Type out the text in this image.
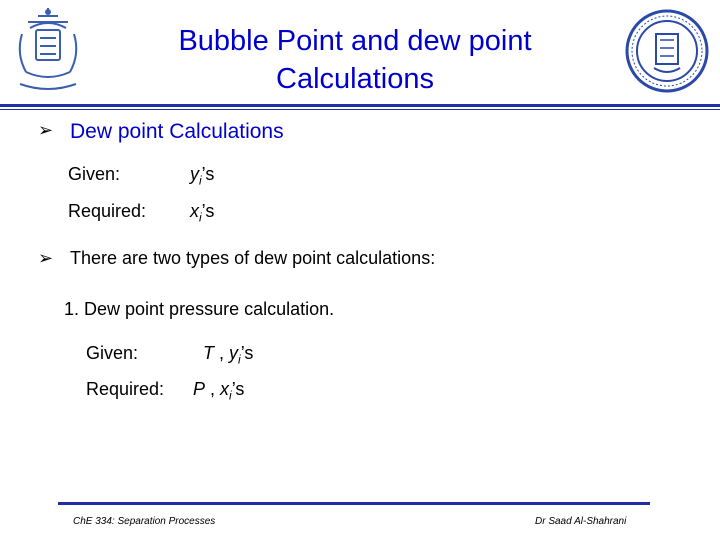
Bubble Point and dew point
Calculations
➢ Dew point Calculations
Given:	$y_i’s$
Required: $x_i’s$
➢ There are two types of dew point calculations:
1. Dew point pressure calculation.
Given:	T , $y_i’s$
Required: P , $x_i’s$
ChE 334: Separation Processes	Dr Saad Al-Shahrani
